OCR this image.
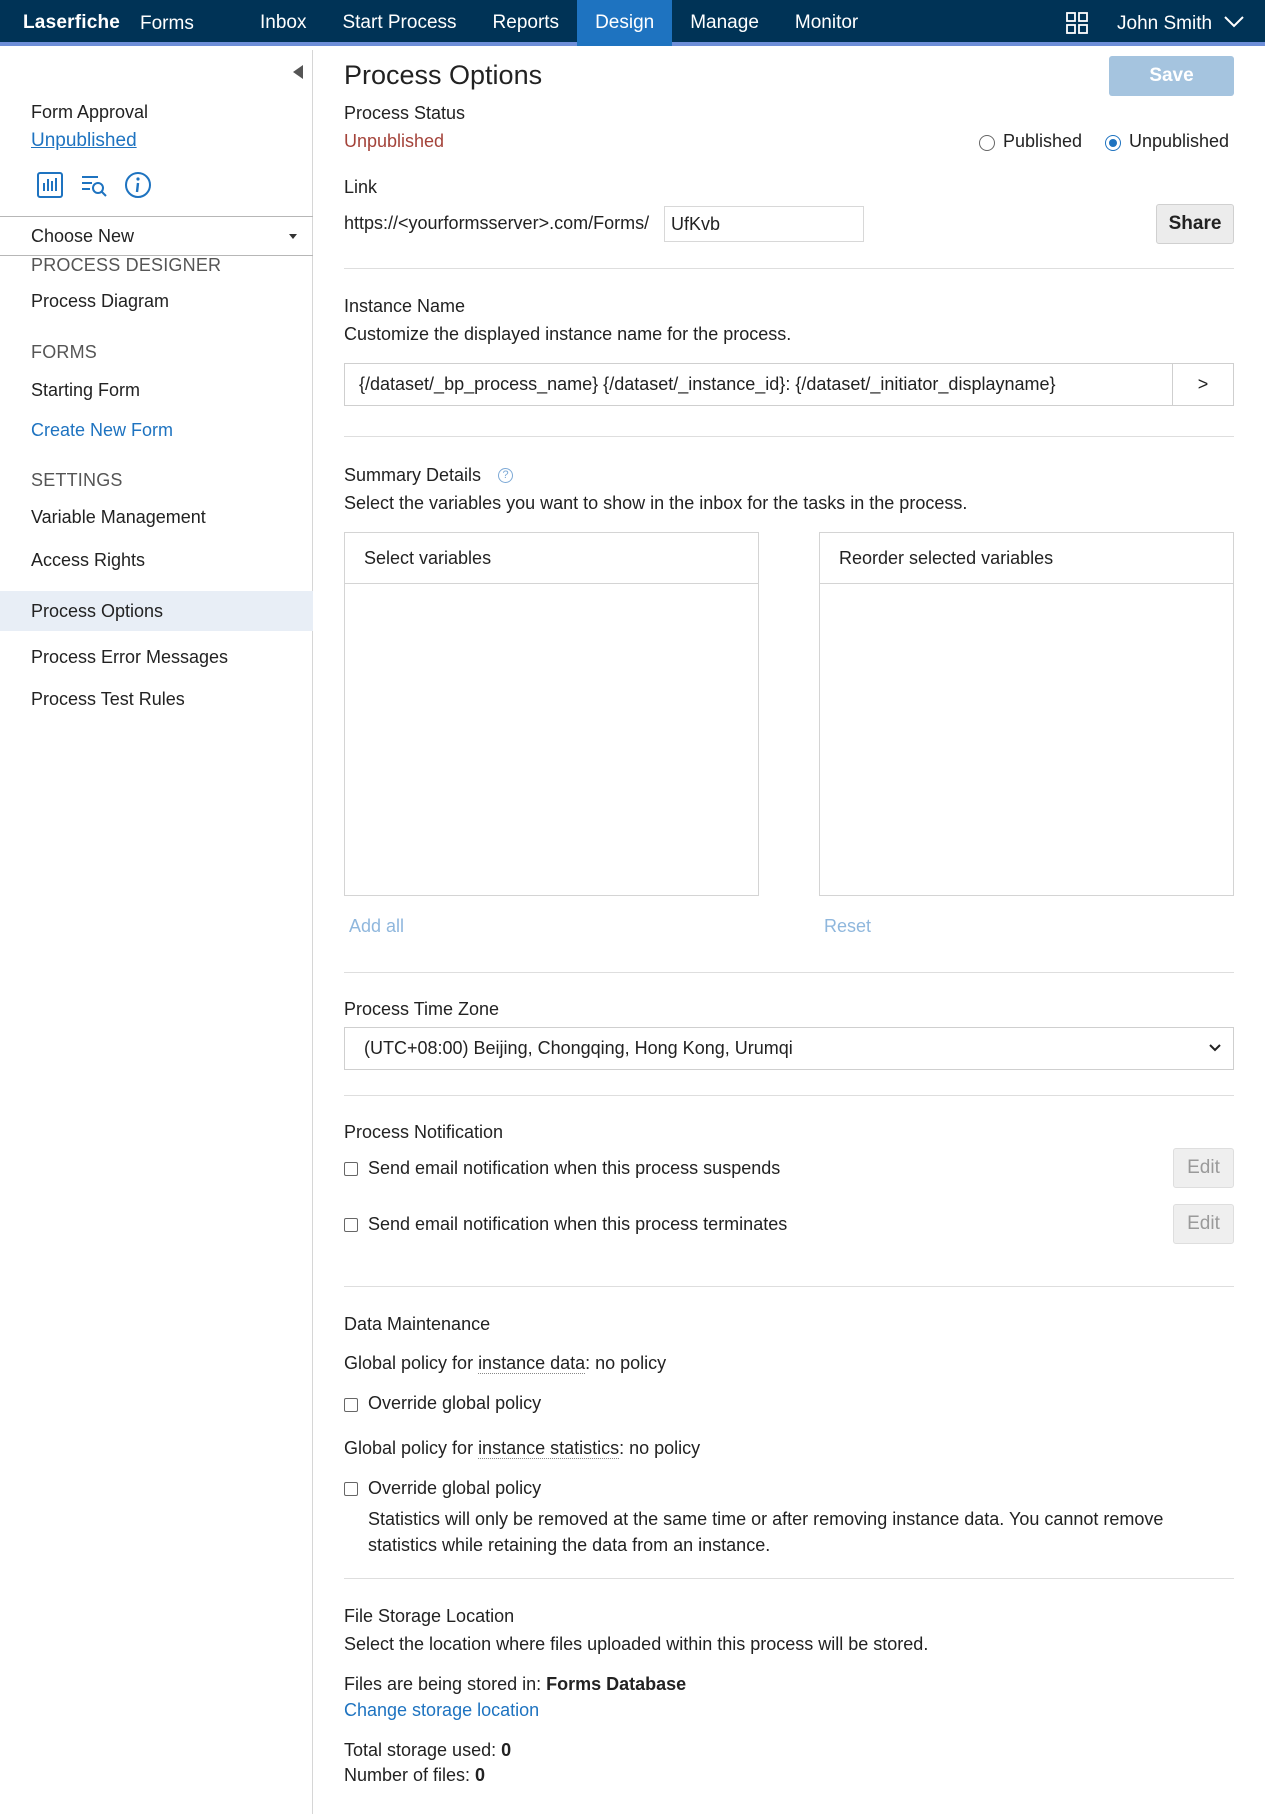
Laserfiche Forms	Inbox	Start Process	Reports	Design	Manage	Monitor	John Smith
Form Approval
Unpublished
Choose New
PROCESS DESIGNER
Process Diagram
FORMS
Starting Form
Create New Form
SETTINGS
Variable Management
Access Rights
Process Options
Process Error Messages
Process Test Rules
Process Options	Save
Process Status
Unpublished	Published	Unpublished
Link
https://<yourformsserver>.com/Forms/	UfKvb	Share
Instance Name
Customize the displayed instance name for the process.
{/dataset/_bp_process_name} {/dataset/_instance_id}: {/dataset/_initiator_displayname}	>
Summary Details	?
Select the variables you want to show in the inbox for the tasks in the process.
Select variables	Reorder selected variables
Add all	Reset
Process Time Zone
(UTC+08:00) Beijing, Chongqing, Hong Kong, Urumqi
Process Notification
Send email notification when this process suspends	Edit
Send email notification when this process terminates	Edit
Data Maintenance
Global policy for instance data: no policy
Override global policy
Global policy for instance statistics: no policy
Override global policy
Statistics will only be removed at the same time or after removing instance data. You cannot remove statistics while retaining the data from an instance.
File Storage Location
Select the location where files uploaded within this process will be stored.
Files are being stored in: Forms Database
Change storage location
Total storage used: 0
Number of files: 0
